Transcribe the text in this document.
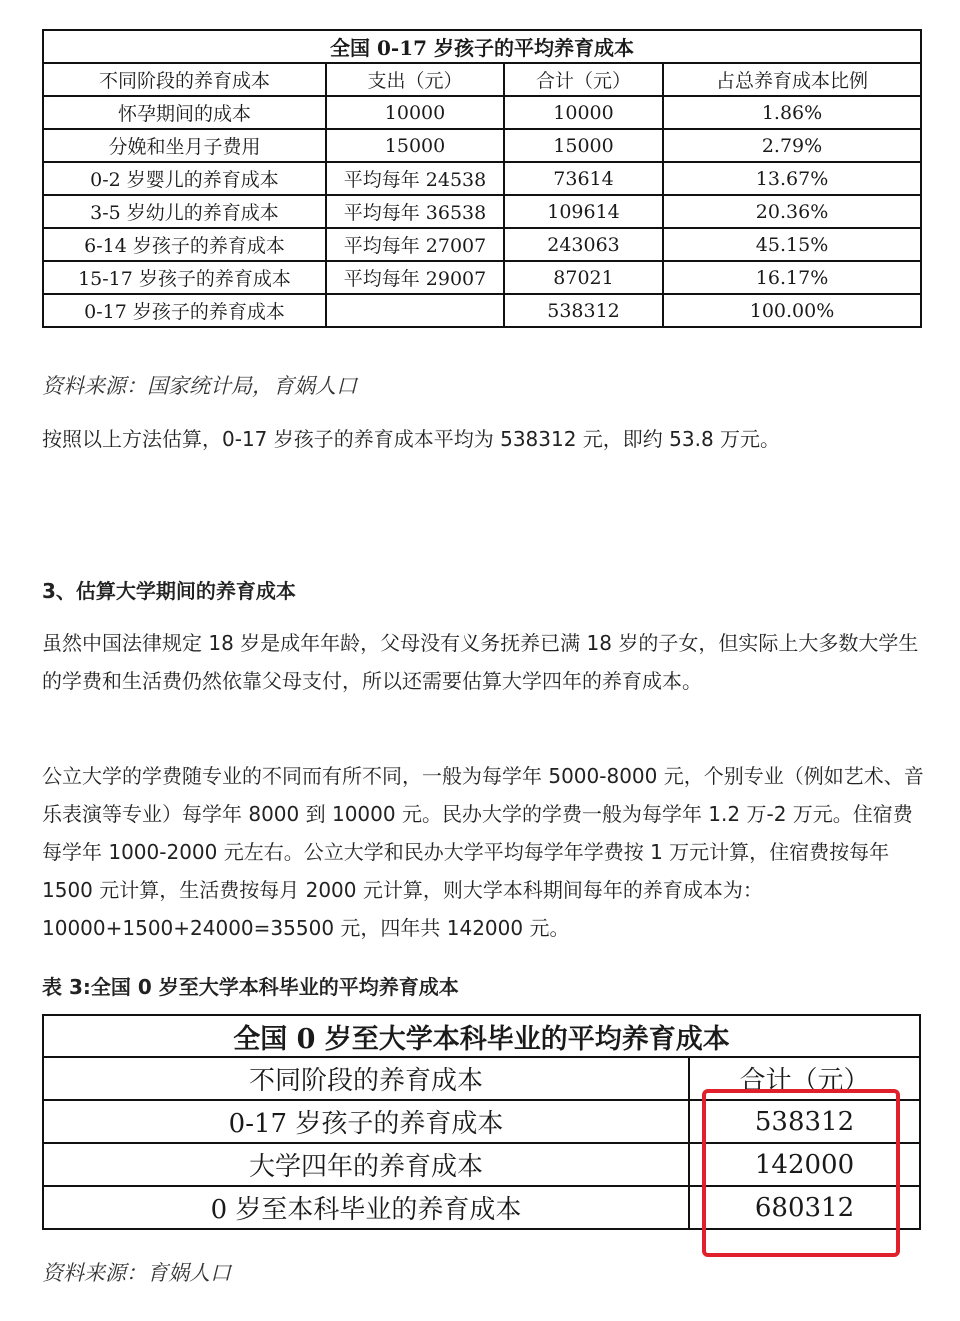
全国 0-17 岁孩子的平均养育成本			
不同阶段的养育成本	支出（元）	合计（元）	占总养育成本比例
怀孕期间的成本	10000	10000	1.86%
分娩和坐月子费用	15000	15000	2.79%
0-2 岁婴儿的养育成本	平均每年 24538	73614	13.67%
3-5 岁幼儿的养育成本	平均每年 36538	109614	20.36%
6-14 岁孩子的养育成本	平均每年 27007	243063	45.15%
15-17 岁孩子的养育成本	平均每年 29007	87021	16.17%
0-17 岁孩子的养育成本		538312	100.00%
资料来源：国家统计局，育娲人口
按照以上方法估算，0-17 岁孩子的养育成本平均为 538312 元，即约 53.8 万元。
3、估算大学期间的养育成本
虽然中国法律规定 18 岁是成年年龄，父母没有义务抚养已满 18 岁的子女，但实际上大多数大学生的学费和生活费仍然依靠父母支付，所以还需要估算大学四年的养育成本。
公立大学的学费随专业的不同而有所不同，一般为每学年 5000-8000 元，个别专业（例如艺术、音乐表演等专业）每学年 8000 到 10000 元。民办大学的学费一般为每学年 1.2 万-2 万元。住宿费每学年 1000-2000 元左右。公立大学和民办大学平均每学年学费按 1 万元计算，住宿费按每年 1500 元计算，生活费按每月 2000 元计算，则大学本科期间每年的养育成本为：10000+1500+24000=35500 元，四年共 142000 元。
表 3:全国 0 岁至大学本科毕业的平均养育成本
全国 0 岁至大学本科毕业的平均养育成本	
不同阶段的养育成本	合计（元）
0-17 岁孩子的养育成本	538312
大学四年的养育成本	142000
0 岁至本科毕业的养育成本	680312
资料来源：育娲人口
